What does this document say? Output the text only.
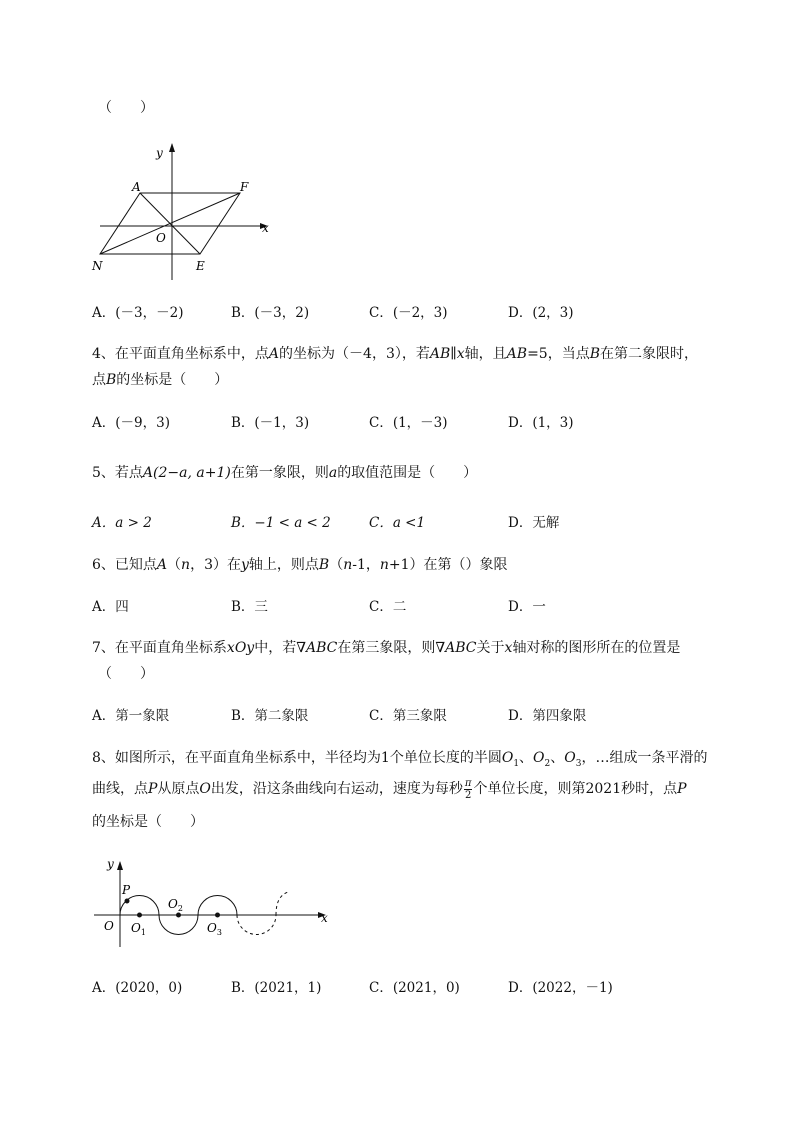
（　　）
y
x
A	F
O
N	E
A．(－3，－2)	B．(－3，2)	C．(－2，3)	D．(2，3)
4、在平面直角坐标系中，点A的坐标为（－4，3），若AB∥x轴，且AB=5，当点B在第二象限时，
点B的坐标是（　　）
A．(－9，3)	B．(－1，3)	C．(1，－3)	D．(1，3)
5、若点A(2−a, a+1)在第一象限，则a的取值范围是（　　）
A．a > 2	B．−1 < a < 2	C．a <1	D．无解
6、已知点A（n，3）在y轴上，则点B（n-1，n+1）在第（）象限
A．四	B．三	C．二	D．一
7、在平面直角坐标系xOy中，若∇ABC在第三象限，则∇ABC关于x轴对称的图形所在的位置是
（　　）
A．第一象限	B．第二象限	C．第三象限	D．第四象限
8、如图所示，在平面直角坐标系中，半径均为1个单位长度的半圆$O_1$、$O_2$、$O_3$，…组成一条平滑的
曲线，点P从原点O出发，沿这条曲线向右运动，速度为每秒 $\frac{\pi}{2}$ 个单位长度，则第2021秒时，点P
的坐标是（　　）
y
x
P
O $O_1$
$O_2$
$O_3$
A．(2020，0)	B．(2021，1)	C．(2021，0)	D．(2022，－1)
